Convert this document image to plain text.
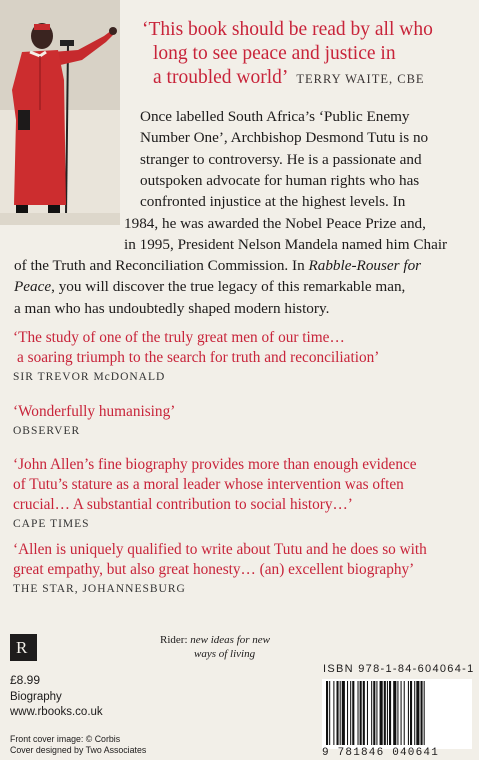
‘This book should be read by all who
long to see peace and justice in
a troubled world’ TERRY WAITE, CBE
Once labelled South Africa’s ‘Public Enemy
Number One’, Archbishop Desmond Tutu is no
stranger to controversy. He is a passionate and
outspoken advocate for human rights who has
confronted injustice at the highest levels. In
1984, he was awarded the Nobel Peace Prize and,
in 1995, President Nelson Mandela named him Chair
of the Truth and Reconciliation Commission. In Rabble-Rouser for
Peace, you will discover the true legacy of this remarkable man,
a man who has undoubtedly shaped modern history.
‘The study of one of the truly great men of our time…
a soaring triumph to the search for truth and reconciliation’
SIR TREVOR McDONALD
‘Wonderfully humanising’
OBSERVER
‘John Allen’s fine biography provides more than enough evidence
of Tutu’s stature as a moral leader whose intervention was often
crucial… A substantial contribution to social history…’
CAPE TIMES
‘Allen is uniquely qualified to write about Tutu and he does so with
great empathy, but also great honesty… (an) excellent biography’
THE STAR, JOHANNESBURG
R	Rider: new ideas for new
ways of living
£8.99
Biography
www.rbooks.co.uk
Front cover image: © Corbis
Cover designed by Two Associates
ISBN 978-1-84-604064-1
9 781846 040641
